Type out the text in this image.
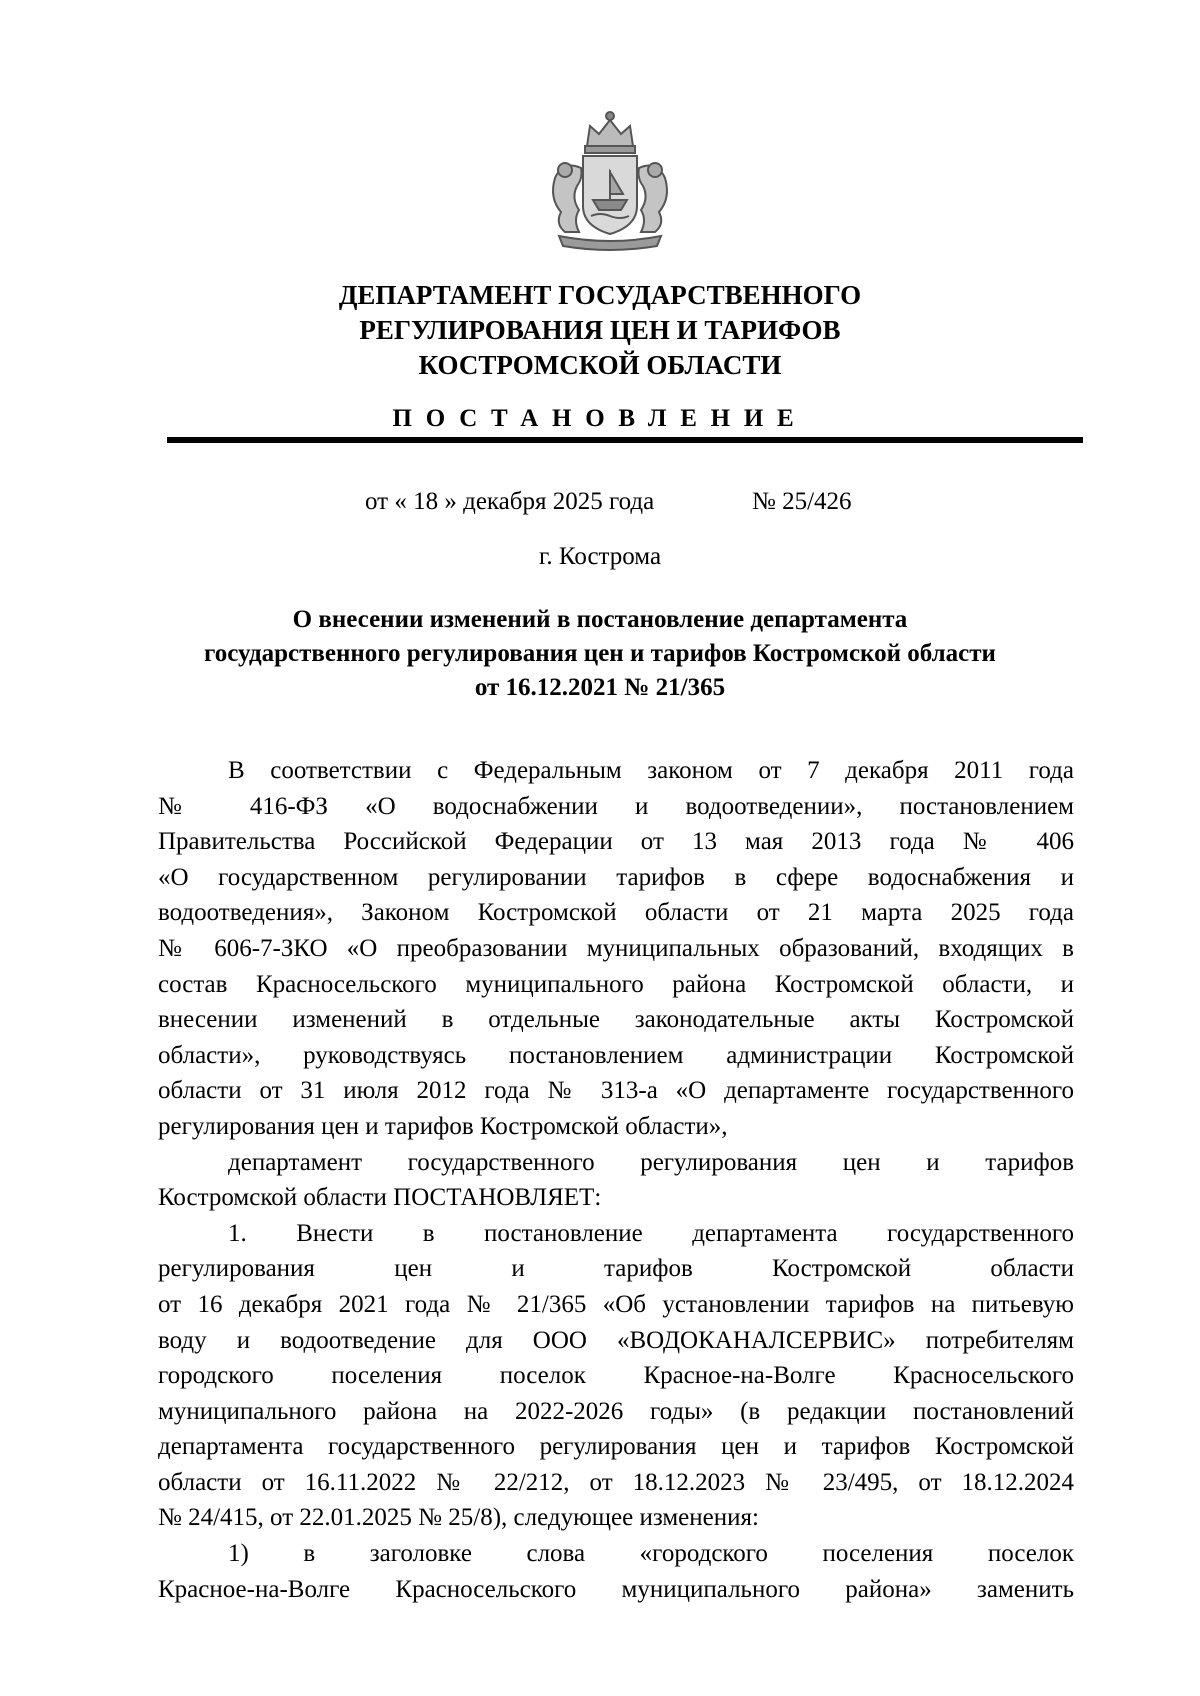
ДЕПАРТАМЕНТ ГОСУДАРСТВЕННОГО
РЕГУЛИРОВАНИЯ ЦЕН И ТАРИФОВ
КОСТРОМСКОЙ ОБЛАСТИ
ПОСТАНОВЛЕНИЕ
от « 18 » декабря 2025 года	№ 25/426
г. Кострома
О внесении изменений в постановление департамента
государственного регулирования цен и тарифов Костромской области
от 16.12.2021 № 21/365
В соответствии с Федеральным законом от 7 декабря 2011 года
№ 416-ФЗ «О водоснабжении и водоотведении», постановлением
Правительства Российской Федерации от 13 мая 2013 года № 406
«О государственном регулировании тарифов в сфере водоснабжения и
водоотведения», Законом Костромской области от 21 марта 2025 года
№ 606-7-ЗКО «О преобразовании муниципальных образований, входящих в
состав Красносельского муниципального района Костромской области, и
внесении изменений в отдельные законодательные акты Костромской
области», руководствуясь постановлением администрации Костромской
области от 31 июля 2012 года № 313-а «О департаменте государственного
регулирования цен и тарифов Костромской области»,
департамент государственного регулирования цен и тарифов
Костромской области ПОСТАНОВЛЯЕТ:
1. Внести в постановление департамента государственного
регулирования цен и тарифов Костромской области
от 16 декабря 2021 года № 21/365 «Об установлении тарифов на питьевую
воду и водоотведение для ООО «ВОДОКАНАЛСЕРВИС» потребителям
городского поселения поселок Красное-на-Волге Красносельского
муниципального района на 2022-2026 годы» (в редакции постановлений
департамента государственного регулирования цен и тарифов Костромской
области от 16.11.2022 № 22/212, от 18.12.2023 № 23/495, от 18.12.2024
№ 24/415, от 22.01.2025 № 25/8), следующее изменения:
1) в заголовке слова «городского поселения поселок
Красное-на-Волге Красносельского муниципального района» заменить
